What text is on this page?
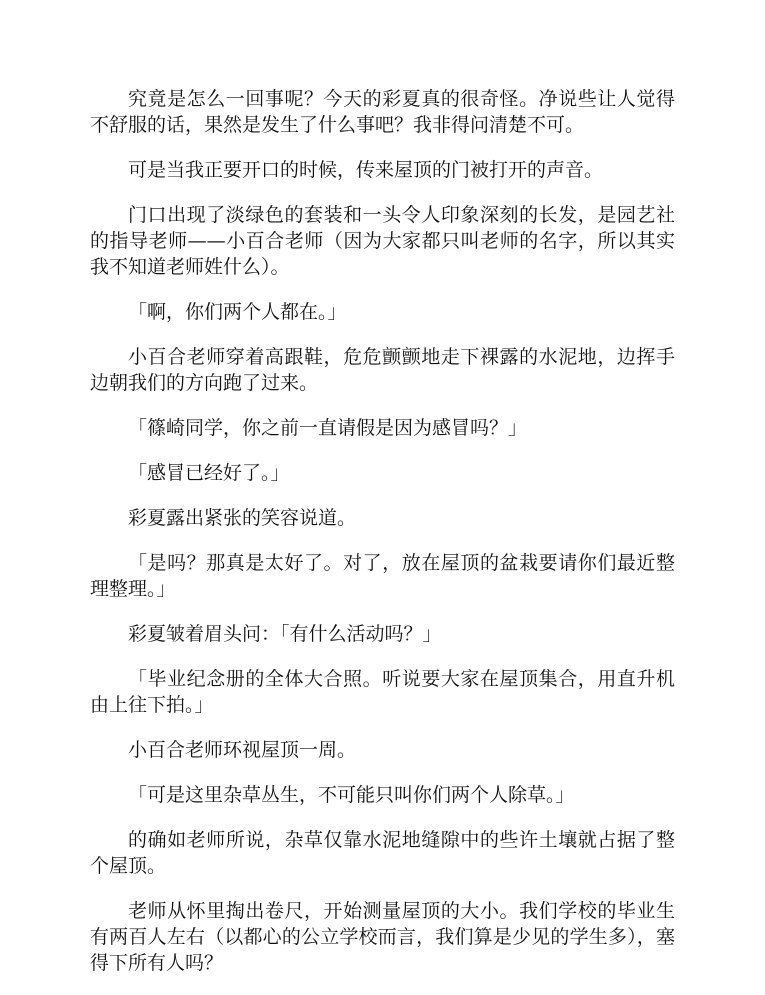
究竟是怎么一回事呢？今天的彩夏真的很奇怪。净说些让人觉得不舒服的话，果然是发生了什么事吧？我非得问清楚不可。

可是当我正要开口的时候，传来屋顶的门被打开的声音。

门口出现了淡绿色的套装和一头令人印象深刻的长发，是园艺社的指导老师——小百合老师（因为大家都只叫老师的名字，所以其实我不知道老师姓什么）。

「啊，你们两个人都在。」

小百合老师穿着高跟鞋，危危颤颤地走下裸露的水泥地，边挥手边朝我们的方向跑了过来。

「篠崎同学，你之前一直请假是因为感冒吗？」

「感冒已经好了。」

彩夏露出紧张的笑容说道。

「是吗？那真是太好了。对了，放在屋顶的盆栽要请你们最近整理整理。」

彩夏皱着眉头问：「有什么活动吗？」

「毕业纪念册的全体大合照。听说要大家在屋顶集合，用直升机由上往下拍。」

小百合老师环视屋顶一周。

「可是这里杂草丛生，不可能只叫你们两个人除草。」

的确如老师所说，杂草仅靠水泥地缝隙中的些许土壤就占据了整个屋顶。

老师从怀里掏出卷尺，开始测量屋顶的大小。我们学校的毕业生有两百人左右（以都心的公立学校而言，我们算是少见的学生多），塞得下所有人吗？
